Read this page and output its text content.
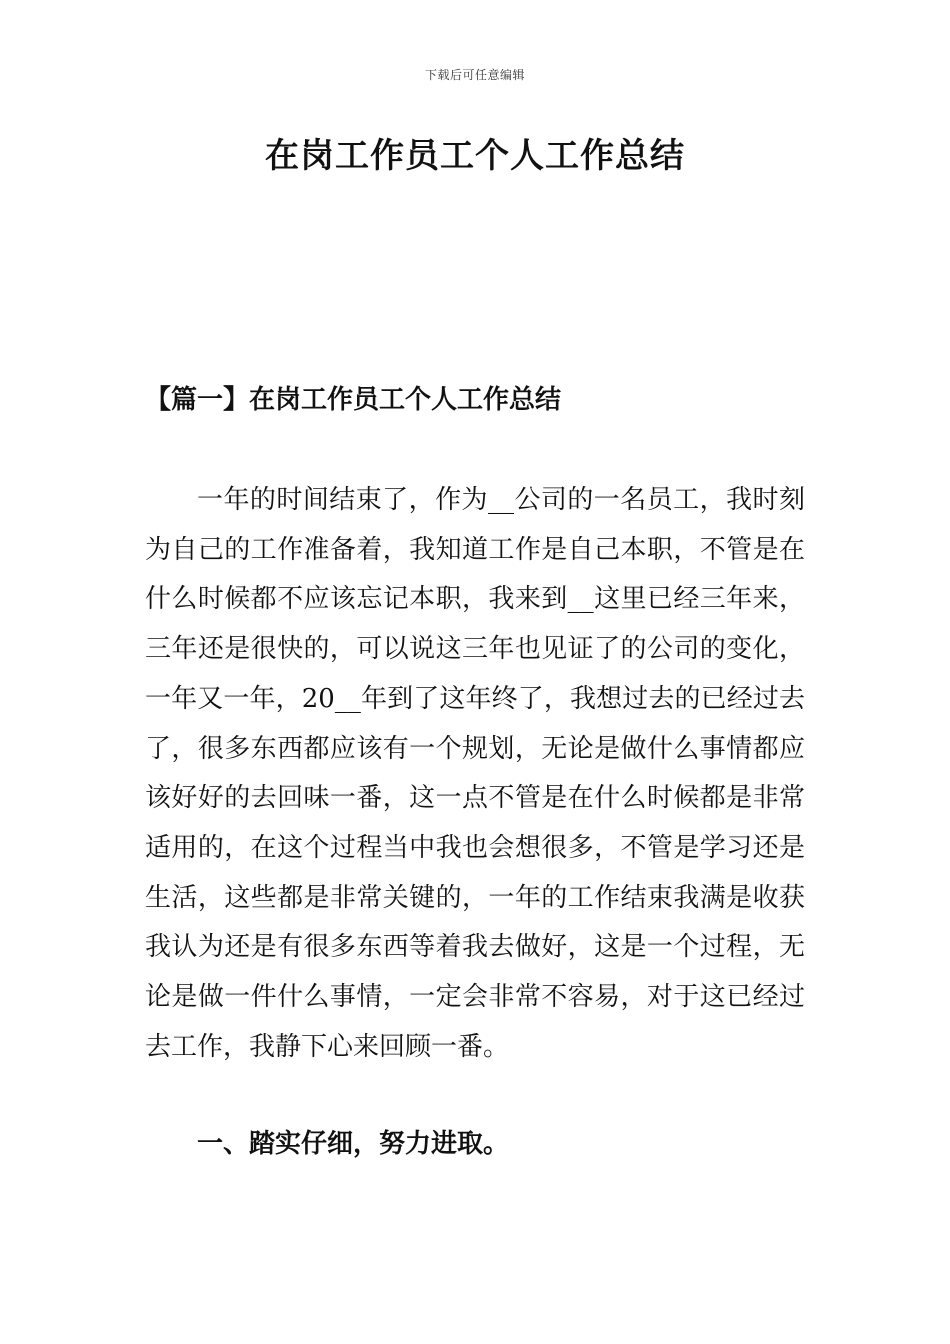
下载后可任意编辑
在岗工作员工个人工作总结
【篇一】在岗工作员工个人工作总结

一年的时间结束了，作为__公司的一名员工，我时刻
为自己的工作准备着，我知道工作是自己本职，不管是在
什么时候都不应该忘记本职，我来到__这里已经三年来，
三年还是很快的，可以说这三年也见证了的公司的变化，
一年又一年，20__年到了这年终了，我想过去的已经过去
了，很多东西都应该有一个规划，无论是做什么事情都应
该好好的去回味一番，这一点不管是在什么时候都是非常
适用的，在这个过程当中我也会想很多，不管是学习还是
生活，这些都是非常关键的，一年的工作结束我满是收获
我认为还是有很多东西等着我去做好，这是一个过程，无
论是做一件什么事情，一定会非常不容易，对于这已经过
去工作，我静下心来回顾一番。

一、踏实仔细，努力进取。
